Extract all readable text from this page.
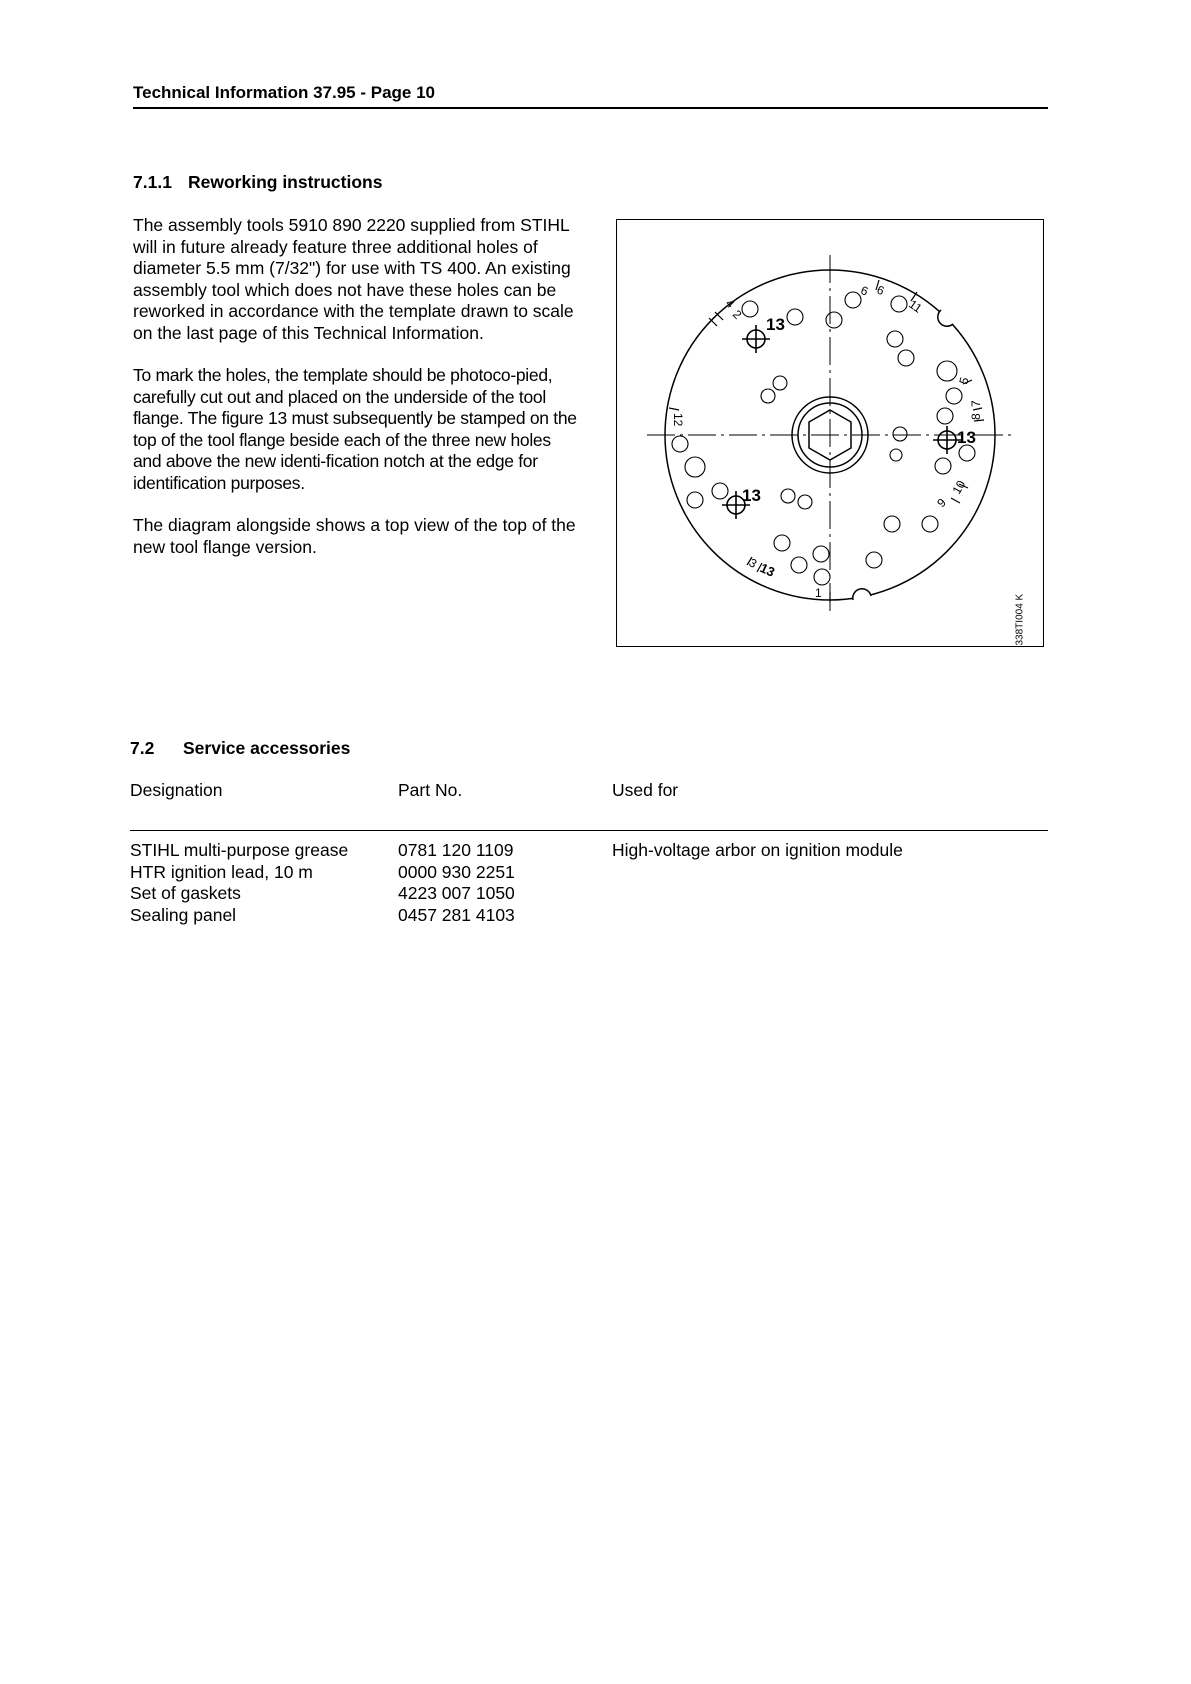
Technical Information 37.95 - Page 10
7.1.1 Reworking instructions

The assembly tools 5910 890 2220 supplied from STIHL will in future already feature three additional holes of diameter 5.5 mm (7/32") for use with TS 400. An existing assembly tool which does not have these holes can be reworked in accordance with the template drawn to scale on the last page of this Technical Information.

To mark the holes, the template should be photoco-pied, carefully cut out and placed on the underside of the tool flange. The figure 13 must subsequently be stamped on the top of the tool flange beside each of the three new holes and above the new identi-fication notch at the edge for identification purposes.

The diagram alongside shows a top view of the top of the new tool flange version.

1
2
3
4
5
6
7
8
9
9
10
11
12
13
13
13
13
338TI004 K
7.2 Service accessories
Designation	Part No.	Used for
STIHL multi-purpose grease	0781 120 1109	High-voltage arbor on ignition module
HTR ignition lead, 10 m	0000 930 2251
Set of gaskets	4223 007 1050
Sealing panel	0457 281 4103
